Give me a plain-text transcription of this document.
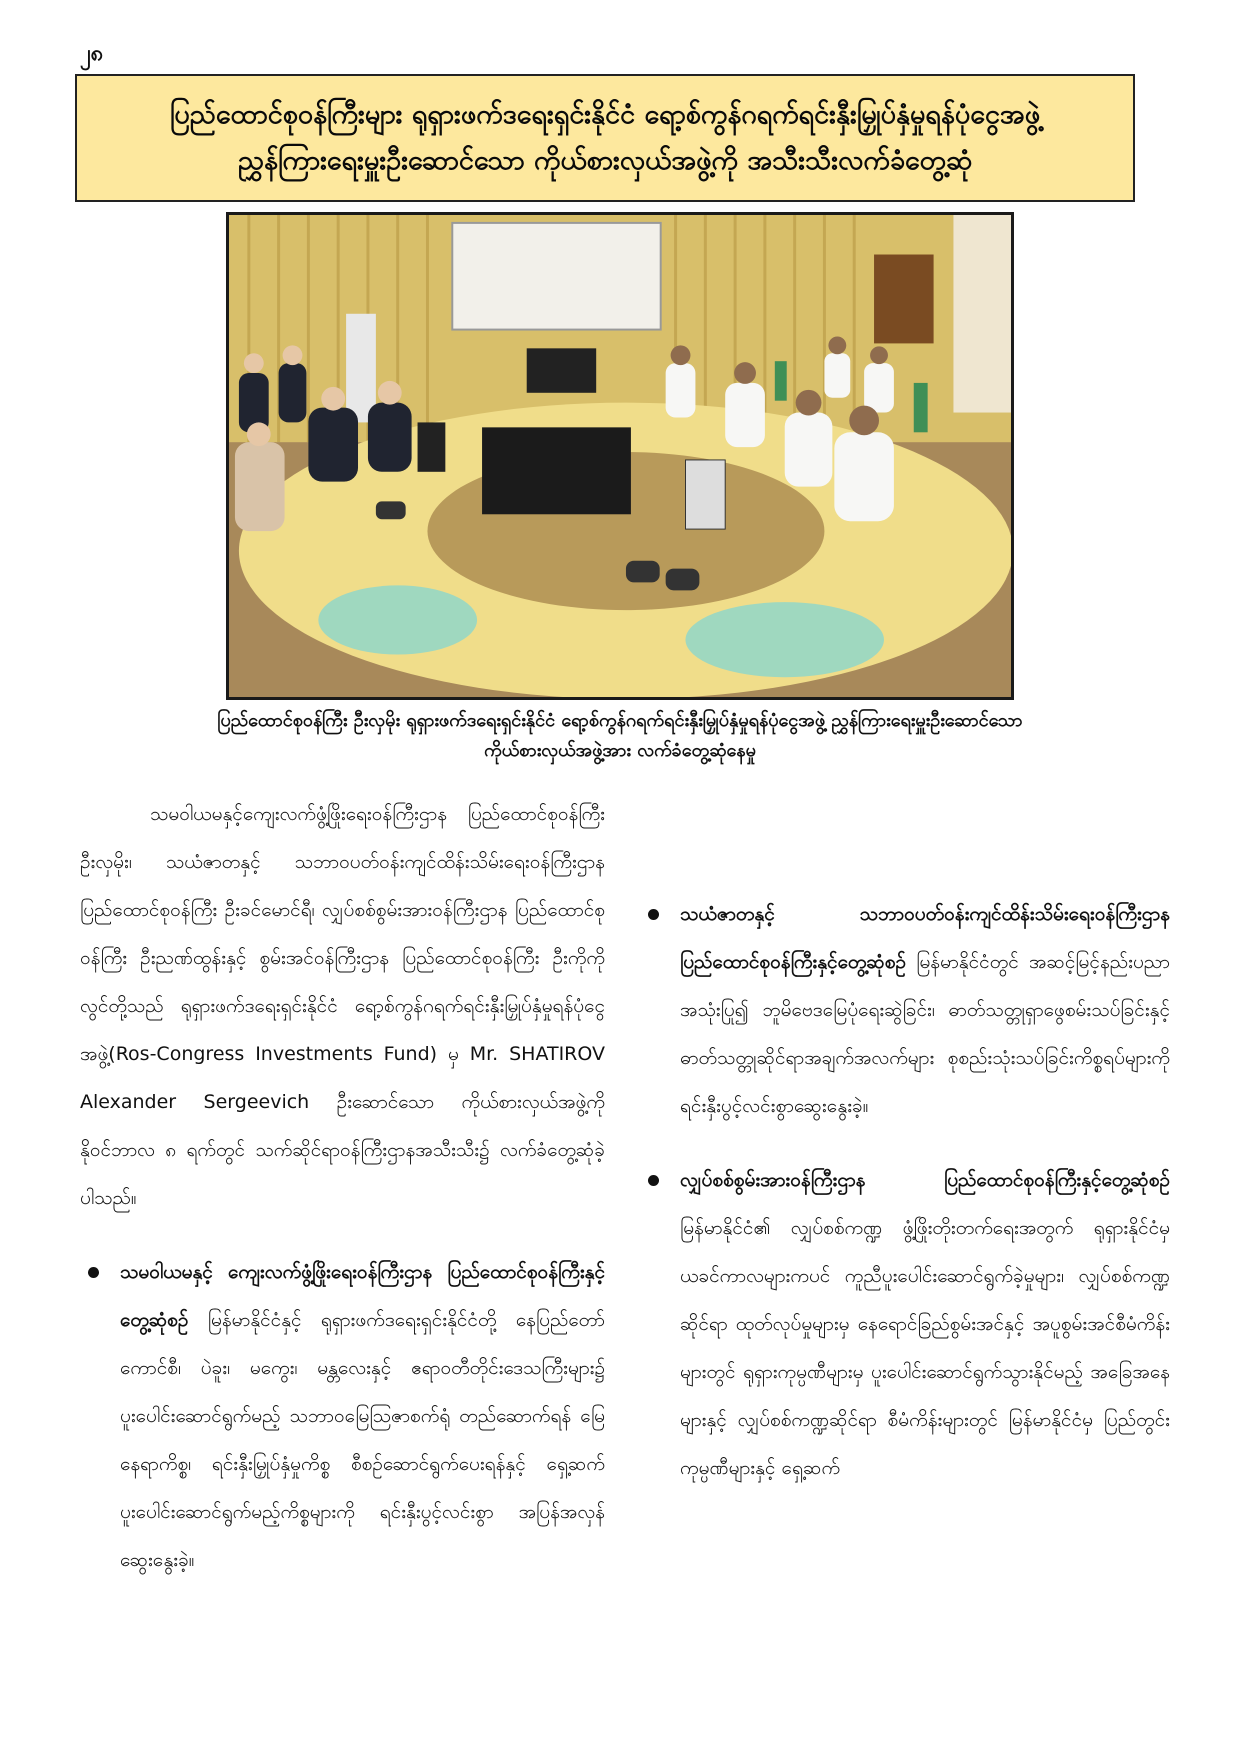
၂၈
ပြည်ထောင်စုဝန်ကြီးများ ရုရှားဖက်ဒရေးရှင်းနိုင်ငံ ရော့စ်ကွန်ဂရက်ရင်းနှီးမြှုပ်နှံမှုရန်ပုံငွေအဖွဲ့
ညွှန်ကြားရေးမှူးဦးဆောင်သော ကိုယ်စားလှယ်အဖွဲ့ကို အသီးသီးလက်ခံတွေ့ဆုံ
ပြည်ထောင်စုဝန်ကြီး ဦးလှမိုး ရုရှားဖက်ဒရေးရှင်းနိုင်ငံ ရော့စ်ကွန်ဂရက်ရင်းနှီးမြှုပ်နှံမှုရန်ပုံငွေအဖွဲ့ ညွှန်ကြားရေးမှူးဦးဆောင်သော
ကိုယ်စားလှယ်အဖွဲ့အား လက်ခံတွေ့ဆုံနေမှု

သမဝါယမနှင့်ကျေးလက်ဖွံ့ဖြိုးရေးဝန်ကြီးဌာန ပြည်ထောင်စုဝန်ကြီး ဦးလှမိုး၊ သယံဇာတနှင့် သဘာဝပတ်ဝန်းကျင်ထိန်းသိမ်းရေးဝန်ကြီးဌာန ပြည်ထောင်စုဝန်ကြီး ဦးခင်မောင်ရီ၊ လျှပ်စစ်စွမ်းအားဝန်ကြီးဌာန ပြည်ထောင်စုဝန်ကြီး ဦးညဏ်ထွန်းနှင့် စွမ်းအင်ဝန်ကြီးဌာန ပြည်ထောင်စုဝန်ကြီး ဦးကိုကိုလွင်တို့သည် ရုရှားဖက်ဒရေးရှင်းနိုင်ငံ ရော့စ်ကွန်ဂရက်ရင်းနှီးမြှုပ်နှံမှုရန်ပုံငွေအဖွဲ့(Ros-Congress Investments Fund) မှ Mr. SHATIROV Alexander Sergeevich ဦးဆောင်သော ကိုယ်စားလှယ်အဖွဲ့ကို နိုဝင်ဘာလ ၈ ရက်တွင် သက်ဆိုင်ရာဝန်ကြီးဌာနအသီးသီး၌ လက်ခံတွေ့ဆုံခဲ့ပါသည်။

သမဝါယမနှင့် ကျေးလက်ဖွံ့ဖြိုးရေးဝန်ကြီးဌာန ပြည်ထောင်စုဝန်ကြီးနှင့်တွေ့ဆုံစဉ် မြန်မာနိုင်ငံနှင့် ရုရှားဖက်ဒရေးရှင်းနိုင်ငံတို့ နေပြည်တော်ကောင်စီ၊ ပဲခူး၊ မကွေး၊ မန္တလေးနှင့် ဧရာဝတီတိုင်းဒေသကြီးများ၌ ပူးပေါင်းဆောင်ရွက်မည့် သဘာဝမြေဩဇာစက်ရုံ တည်ဆောက်ရန် မြေနေရာကိစ္စ၊ ရင်းနှီးမြှုပ်နှံမှုကိစ္စ စီစဉ်ဆောင်ရွက်ပေးရန်နှင့် ရှေ့ဆက်ပူးပေါင်းဆောင်ရွက်မည့်ကိစ္စများကို ရင်းနှီးပွင့်လင်းစွာ အပြန်အလှန်ဆွေးနွေးခဲ့။
သယံဇာတနှင့် သဘာဝပတ်ဝန်းကျင်ထိန်းသိမ်းရေးဝန်ကြီးဌာန ပြည်ထောင်စုဝန်ကြီးနှင့်တွေ့ဆုံစဉ် မြန်မာနိုင်ငံတွင် အဆင့်မြင့်နည်းပညာအသုံးပြု၍ ဘူမိဗေဒမြေပုံရေးဆွဲခြင်း၊ ဓာတ်သတ္တုရှာဖွေစမ်းသပ်ခြင်းနှင့် ဓာတ်သတ္တုဆိုင်ရာအချက်အလက်များ စုစည်းသုံးသပ်ခြင်းကိစ္စရပ်များကို ရင်းနှီးပွင့်လင်းစွာဆွေးနွေးခဲ့။
လျှပ်စစ်စွမ်းအားဝန်ကြီးဌာန ပြည်ထောင်စုဝန်ကြီးနှင့်တွေ့ဆုံစဉ် မြန်မာနိုင်ငံ၏ လျှပ်စစ်ကဏ္ဍ ဖွံ့ဖြိုးတိုးတက်ရေးအတွက် ရုရှားနိုင်ငံမှ ယခင်ကာလများကပင် ကူညီပူးပေါင်းဆောင်ရွက်ခဲ့မှုများ၊ လျှပ်စစ်ကဏ္ဍဆိုင်ရာ ထုတ်လုပ်မှုများမှ နေရောင်ခြည်စွမ်းအင်နှင့် အပူစွမ်းအင်စီမံကိန်းများတွင် ရုရှားကုမ္ပဏီများမှ ပူးပေါင်းဆောင်ရွက်သွားနိုင်မည့် အခြေအနေများနှင့် လျှပ်စစ်ကဏ္ဍဆိုင်ရာ စီမံကိန်းများတွင် မြန်မာနိုင်ငံမှ ပြည်တွင်းကုမ္ပဏီများနှင့် ရှေ့ဆက်
